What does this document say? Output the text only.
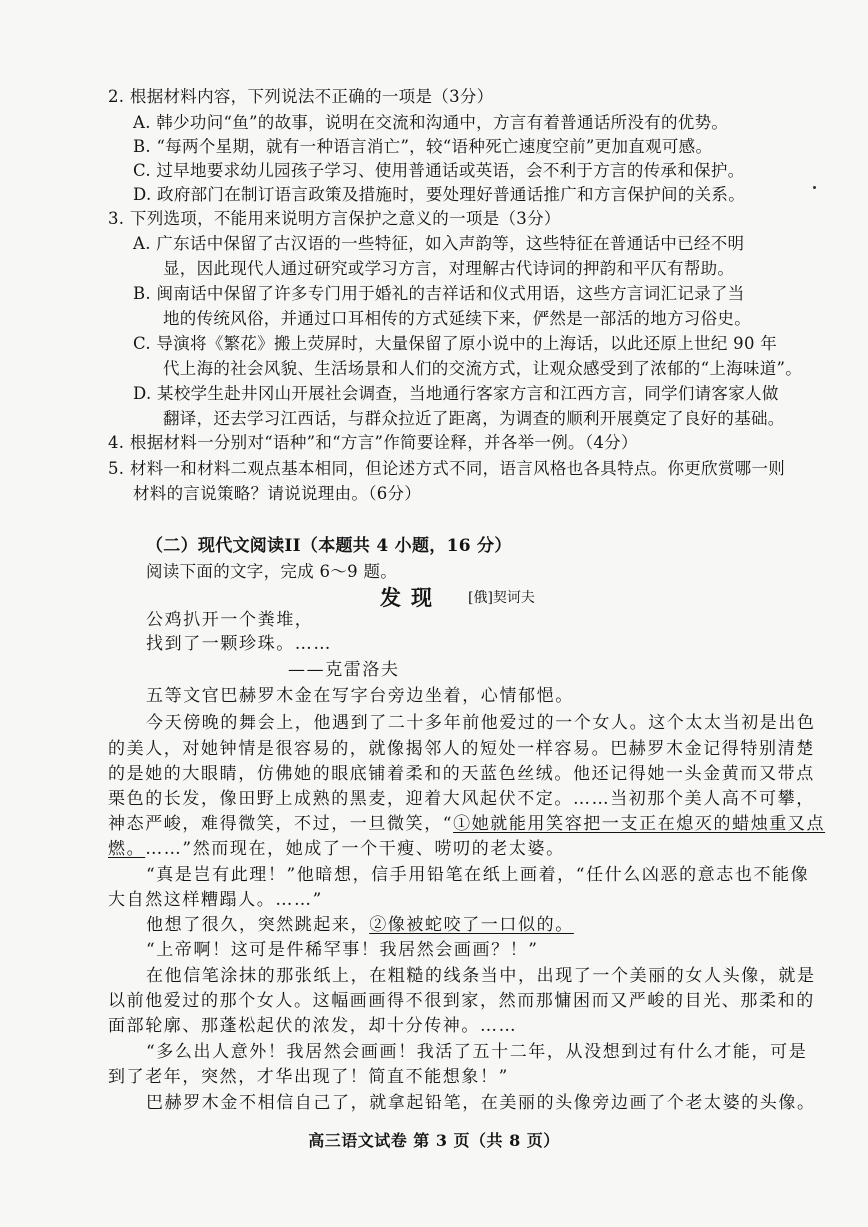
2. 根据材料内容，下列说法不正确的一项是（3分）
A. 韩少功问“鱼”的故事，说明在交流和沟通中，方言有着普通话所没有的优势。
B. “每两个星期，就有一种语言消亡”，较“语种死亡速度空前”更加直观可感。
C. 过早地要求幼儿园孩子学习、使用普通话或英语，会不利于方言的传承和保护。
D. 政府部门在制订语言政策及措施时，要处理好普通话推广和方言保护间的关系。
3. 下列选项，不能用来说明方言保护之意义的一项是（3分）
A. 广东话中保留了古汉语的一些特征，如入声韵等，这些特征在普通话中已经不明
显，因此现代人通过研究或学习方言，对理解古代诗词的押韵和平仄有帮助。
B. 闽南话中保留了许多专门用于婚礼的吉祥话和仪式用语，这些方言词汇记录了当
地的传统风俗，并通过口耳相传的方式延续下来，俨然是一部活的地方习俗史。
C. 导演将《繁花》搬上荧屏时，大量保留了原小说中的上海话，以此还原上世纪 90 年
代上海的社会风貌、生活场景和人们的交流方式，让观众感受到了浓郁的“上海味道”。
D. 某校学生赴井冈山开展社会调查，当地通行客家方言和江西方言，同学们请客家人做
翻译，还去学习江西话，与群众拉近了距离，为调查的顺利开展奠定了良好的基础。
4. 根据材料一分别对“语种”和“方言”作简要诠释，并各举一例。（4分）
5. 材料一和材料二观点基本相同，但论述方式不同，语言风格也各具特点。你更欣赏哪一则
材料的言说策略？请说说理由。（6分）
（二）现代文阅读II（本题共 4 小题，16 分）
阅读下面的文字，完成 6～9 题。
发现 [俄]契诃夫
公鸡扒开一个粪堆，
找到了一颗珍珠。……
——克雷洛夫
五等文官巴赫罗木金在写字台旁边坐着，心情郁悒。
今天傍晚的舞会上，他遇到了二十多年前他爱过的一个女人。这个太太当初是出色
的美人，对她钟情是很容易的，就像揭邻人的短处一样容易。巴赫罗木金记得特别清楚
的是她的大眼睛，仿佛她的眼底铺着柔和的天蓝色丝绒。他还记得她一头金黄而又带点
栗色的长发，像田野上成熟的黑麦，迎着大风起伏不定。……当初那个美人高不可攀，
神态严峻，难得微笑，不过，一旦微笑，“①她就能用笑容把一支正在熄灭的蜡烛重又点
燃。……”然而现在，她成了一个干瘦、唠叨的老太婆。
“真是岂有此理！”他暗想，信手用铅笔在纸上画着，“任什么凶恶的意志也不能像
大自然这样糟蹋人。……”
他想了很久，突然跳起来，②像被蛇咬了一口似的。
“上帝啊！这可是件稀罕事！我居然会画画？！”
在他信笔涂抹的那张纸上，在粗糙的线条当中，出现了一个美丽的女人头像，就是
以前他爱过的那个女人。这幅画画得不很到家，然而那慵困而又严峻的目光、那柔和的
面部轮廓、那蓬松起伏的浓发，却十分传神。……
“多么出人意外！我居然会画画！我活了五十二年，从没想到过有什么才能，可是
到了老年，突然，才华出现了！简直不能想象！”
巴赫罗木金不相信自己了，就拿起铅笔，在美丽的头像旁边画了个老太婆的头像。
高三语文试卷 第 3 页（共 8 页）
